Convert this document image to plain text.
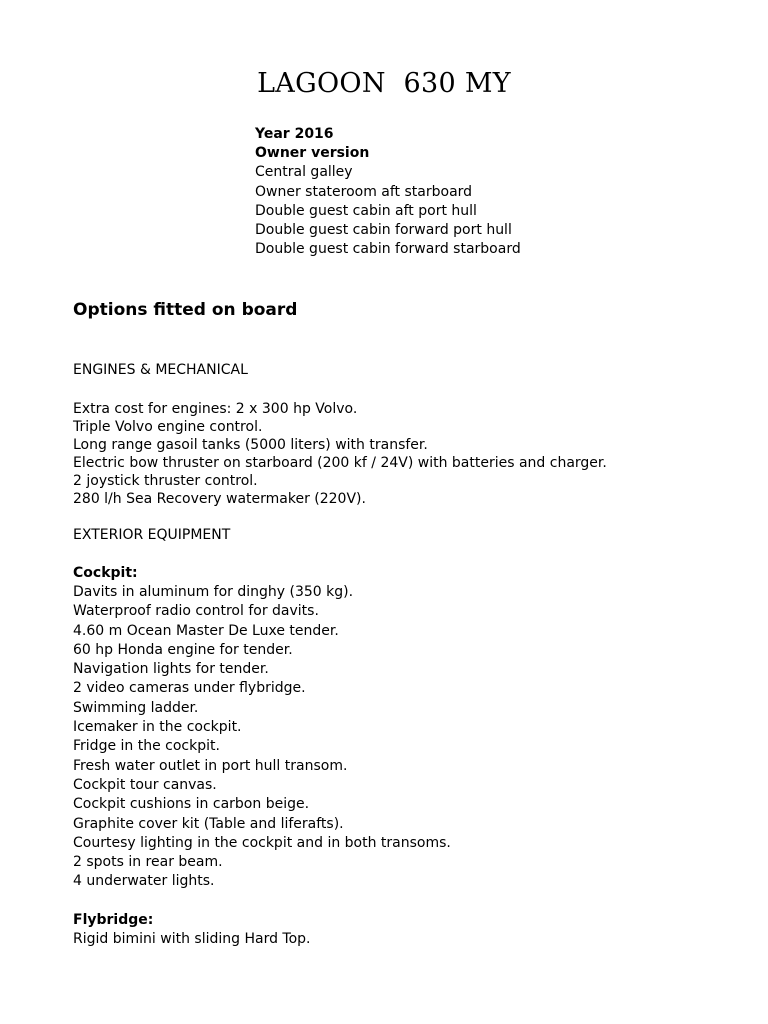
LAGOON  630 MY
Year 2016
Owner version
Central galley
Owner stateroom aft starboard
Double guest cabin aft port hull
Double guest cabin forward port hull
Double guest cabin forward starboard
Options fitted on board
ENGINES & MECHANICAL
Extra cost for engines: 2 x 300 hp Volvo.
Triple Volvo engine control.
Long range gasoil tanks (5000 liters) with transfer.
Electric bow thruster on starboard (200 kf / 24V) with batteries and charger.
2 joystick thruster control.
280 l/h Sea Recovery watermaker (220V).
EXTERIOR EQUIPMENT
Cockpit:
Davits in aluminum for dinghy (350 kg).
Waterproof radio control for davits.
4.60 m Ocean Master De Luxe tender.
60 hp Honda engine for tender.
Navigation lights for tender.
2 video cameras under flybridge.
Swimming ladder.
Icemaker in the cockpit.
Fridge in the cockpit.
Fresh water outlet in port hull transom.
Cockpit tour canvas.
Cockpit cushions in carbon beige.
Graphite cover kit (Table and liferafts).
Courtesy lighting in the cockpit and in both transoms.
2 spots in rear beam.
4 underwater lights.
Flybridge:
Rigid bimini with sliding Hard Top.
